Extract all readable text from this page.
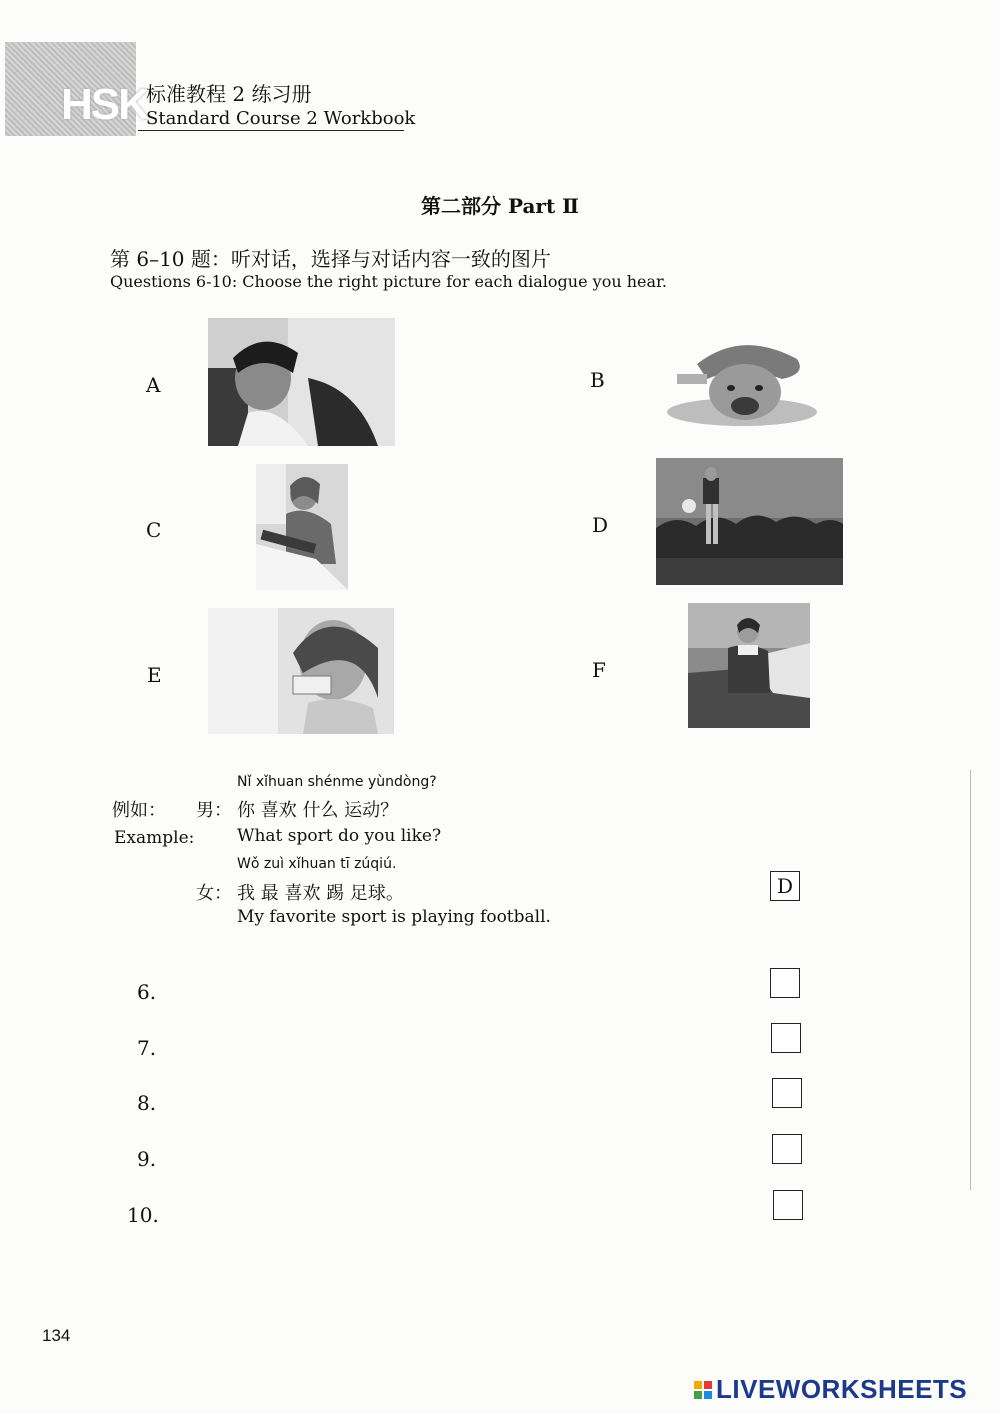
HSK
标准教程 2 练习册
Standard Course 2 Workbook
第二部分 Part Ⅱ
第 6–10 题：听对话，选择与对话内容一致的图片
Questions 6-10: Choose the right picture for each dialogue you hear.
A	B
C	D
E	F
Nǐ xǐhuan shénme yùndòng?
例如： 男： 你 喜欢 什么 运动？
Example:	What sport do you like?
Wǒ zuì xǐhuan tī zúqiú.
女： 我 最 喜欢 踢 足球。
My favorite sport is playing football.
D
6.
7.
8.
9.
10.
134
LIVEWORKSHEETS
